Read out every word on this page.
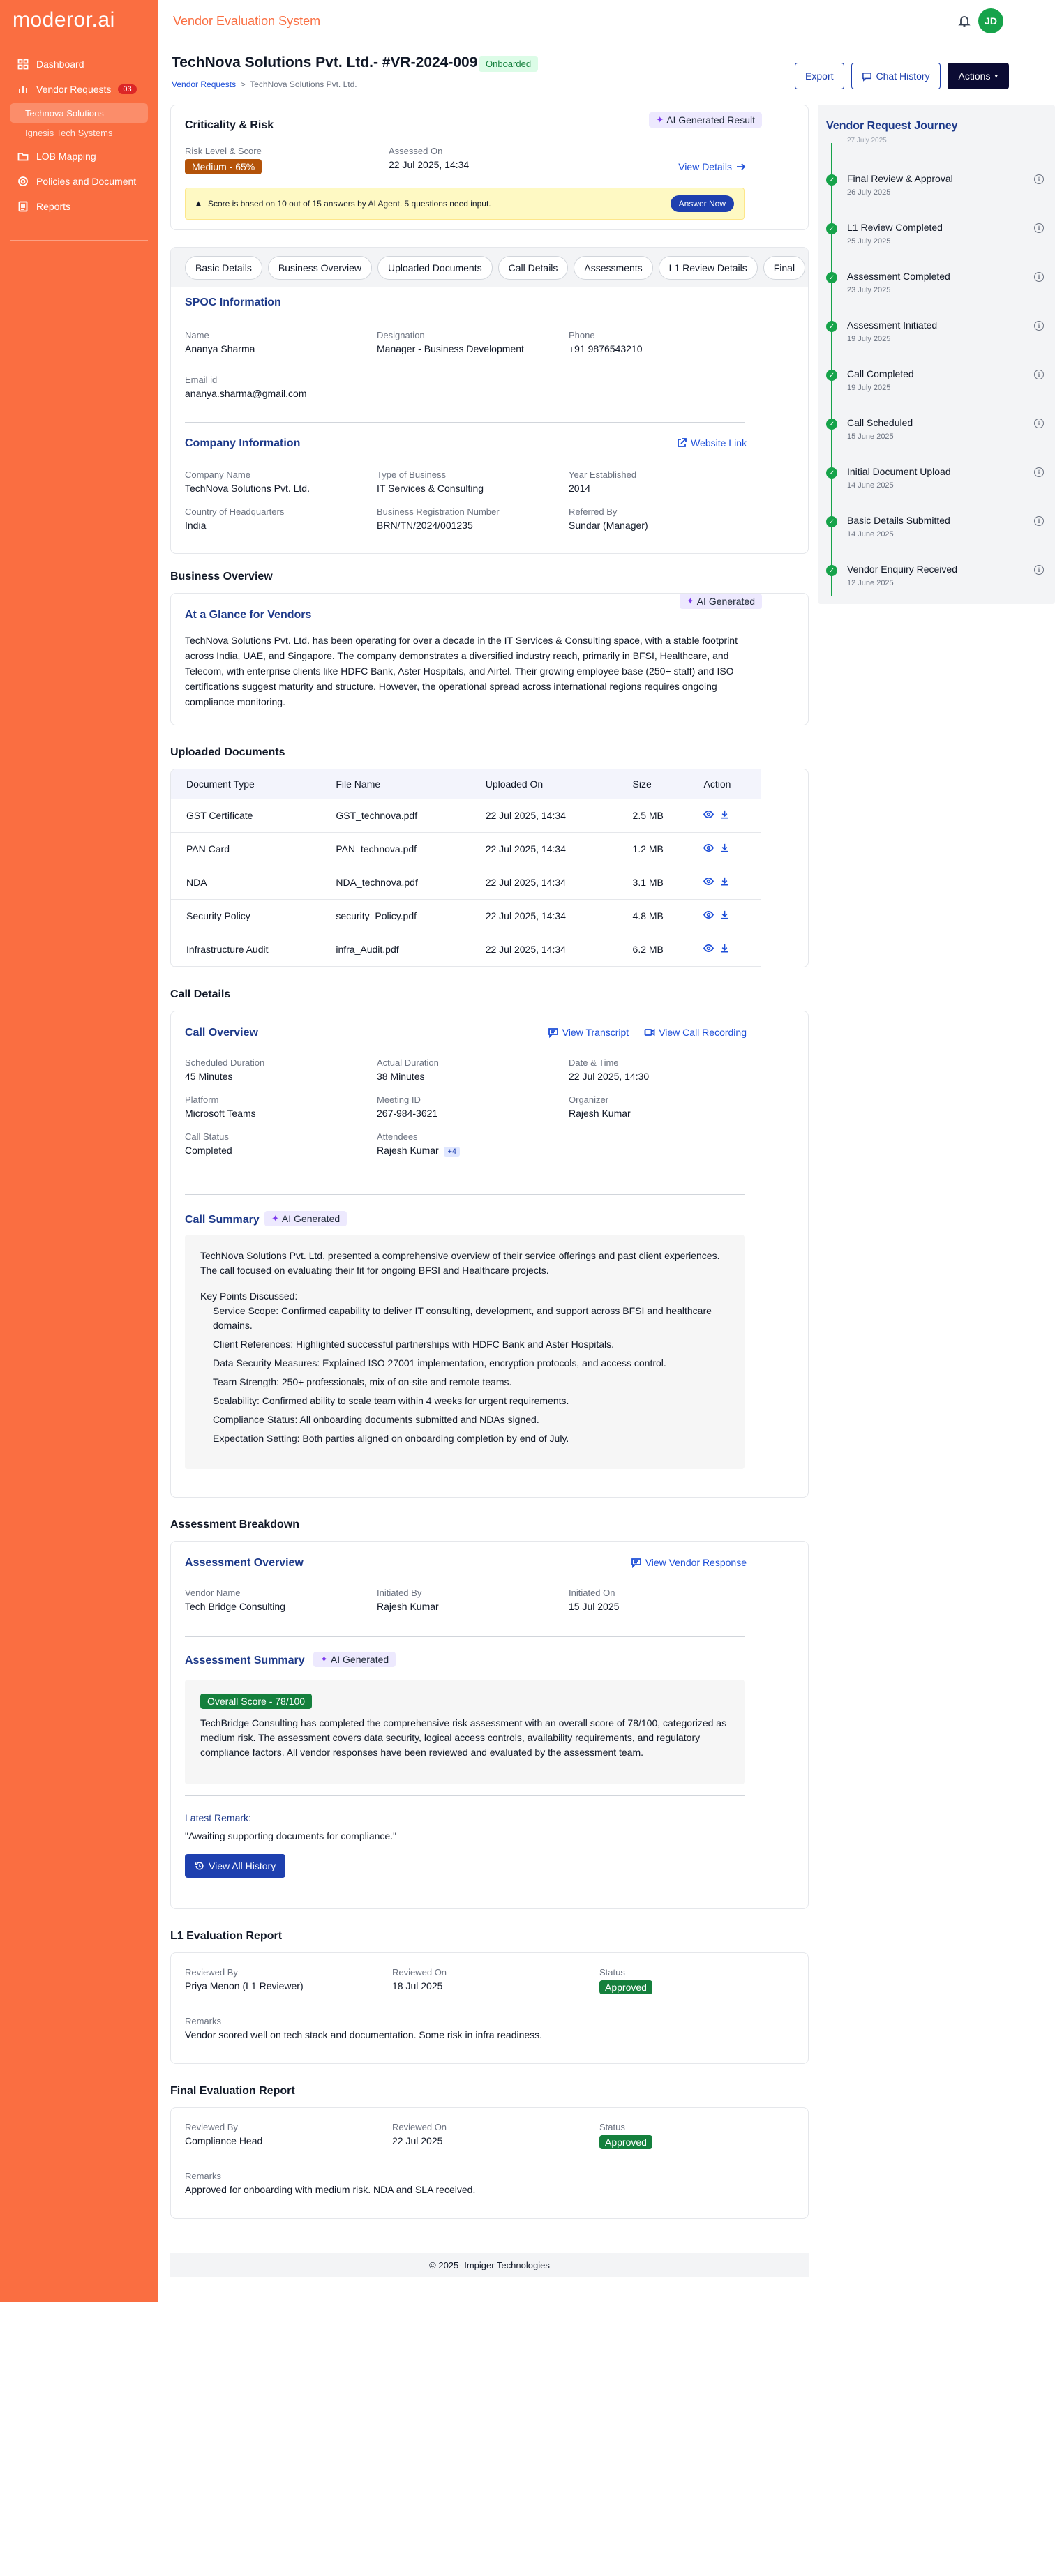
moderor.ai
Dashboard
Vendor Requests	03
Technova Solutions
Ignesis Tech Systems
LOB Mapping
Policies and Document
Reports
Vendor Evaluation System	JD
TechNova Solutions Pvt. Ltd.- #VR-2024-009 Onboarded
Vendor Requests > TechNova Solutions Pvt. Ltd.
Export	Chat History	Actions ▾
Criticality & Risk	✦ AI Generated Result
Risk Level & Score
Medium - 65%
Assessed On
22 Jul 2025, 14:34	View Details
▲ Score is based on 10 out of 15 answers by AI Agent. 5 questions need input.	Answer Now
Basic Details	Business Overview	Uploaded Documents	Call Details	Assessments	L1 Review Details	Final
SPOC Information
Name
Ananya Sharma
Designation
Manager - Business Development
Phone
+91 9876543210
Email id
ananya.sharma@gmail.com
Company Information	Website Link
Company Name
TechNova Solutions Pvt. Ltd.
Type of Business
IT Services & Consulting
Year Established
2014
Country of Headquarters
India
Business Registration Number
BRN/TN/2024/001235
Referred By
Sundar (Manager)
Business Overview
At a Glance for Vendors
✦ AI Generated

TechNova Solutions Pvt. Ltd. has been operating for over a decade in the IT Services & Consulting space, with a stable footprint across India, UAE, and Singapore. The company demonstrates a diversified industry reach, primarily in BFSI, Healthcare, and Telecom, with enterprise clients like HDFC Bank, Aster Hospitals, and Airtel. Their growing employee base (250+ staff) and ISO certifications suggest maturity and structure. However, the operational spread across international regions requires ongoing compliance monitoring.

Uploaded Documents
Document Type	File Name	Uploaded On	Size	Action
GST Certificate	GST_technova.pdf	22 Jul 2025, 14:34	2.5 MB	
PAN Card	PAN_technova.pdf	22 Jul 2025, 14:34	1.2 MB	
NDA	NDA_technova.pdf	22 Jul 2025, 14:34	3.1 MB	
Security Policy	security_Policy.pdf	22 Jul 2025, 14:34	4.8 MB	
Infrastructure Audit	infra_Audit.pdf	22 Jul 2025, 14:34	6.2 MB	
Call Details
Call Overview	View Transcript	View Call Recording
Scheduled Duration
45 Minutes
Actual Duration
38 Minutes
Date & Time
22 Jul 2025, 14:30
Platform
Microsoft Teams
Meeting ID
267-984-3621
Organizer
Rajesh Kumar
Call Status
Completed
Attendees
Rajesh Kumar +4
Call Summary ✦ AI Generated

TechNova Solutions Pvt. Ltd. presented a comprehensive overview of their service offerings and past client experiences. The call focused on evaluating their fit for ongoing BFSI and Healthcare projects.

Key Points Discussed:

Service Scope: Confirmed capability to deliver IT consulting, development, and support across BFSI and healthcare domains.
Client References: Highlighted successful partnerships with HDFC Bank and Aster Hospitals.
Data Security Measures: Explained ISO 27001 implementation, encryption protocols, and access control.
Team Strength: 250+ professionals, mix of on-site and remote teams.
Scalability: Confirmed ability to scale team within 4 weeks for urgent requirements.
Compliance Status: All onboarding documents submitted and NDAs signed.
Expectation Setting: Both parties aligned on onboarding completion by end of July.
Assessment Breakdown
Assessment Overview	View Vendor Response
Vendor Name
Tech Bridge Consulting
Initiated By
Rajesh Kumar
Initiated On
15 Jul 2025
Assessment Summary ✦ AI Generated
Overall Score - 78/100

TechBridge Consulting has completed the comprehensive risk assessment with an overall score of 78/100, categorized as medium risk. The assessment covers data security, logical access controls, availability requirements, and regulatory compliance factors. All vendor responses have been reviewed and evaluated by the assessment team.

Latest Remark:
"Awaiting supporting documents for compliance."
View All History
L1 Evaluation Report
Reviewed By
Priya Menon (L1 Reviewer)
Reviewed On
18 Jul 2025
Status
Approved
Remarks
Vendor scored well on tech stack and documentation. Some risk in infra readiness.
Final Evaluation Report
Reviewed By
Compliance Head
Reviewed On
22 Jul 2025
Status
Approved
Remarks
Approved for onboarding with medium risk. NDA and SLA received.
© 2025- Impiger Technologies
Vendor Request Journey
27 July 2025
✓ Final Review & Approval
26 July 2025
i
✓ L1 Review Completed
25 July 2025
i
✓ Assessment Completed
23 July 2025
i
✓ Assessment Initiated
19 July 2025
i
✓ Call Completed
19 July 2025
i
✓ Call Scheduled
15 June 2025
i
✓ Initial Document Upload
14 June 2025
i
✓ Basic Details Submitted
14 June 2025
i
✓ Vendor Enquiry Received
12 June 2025
i
